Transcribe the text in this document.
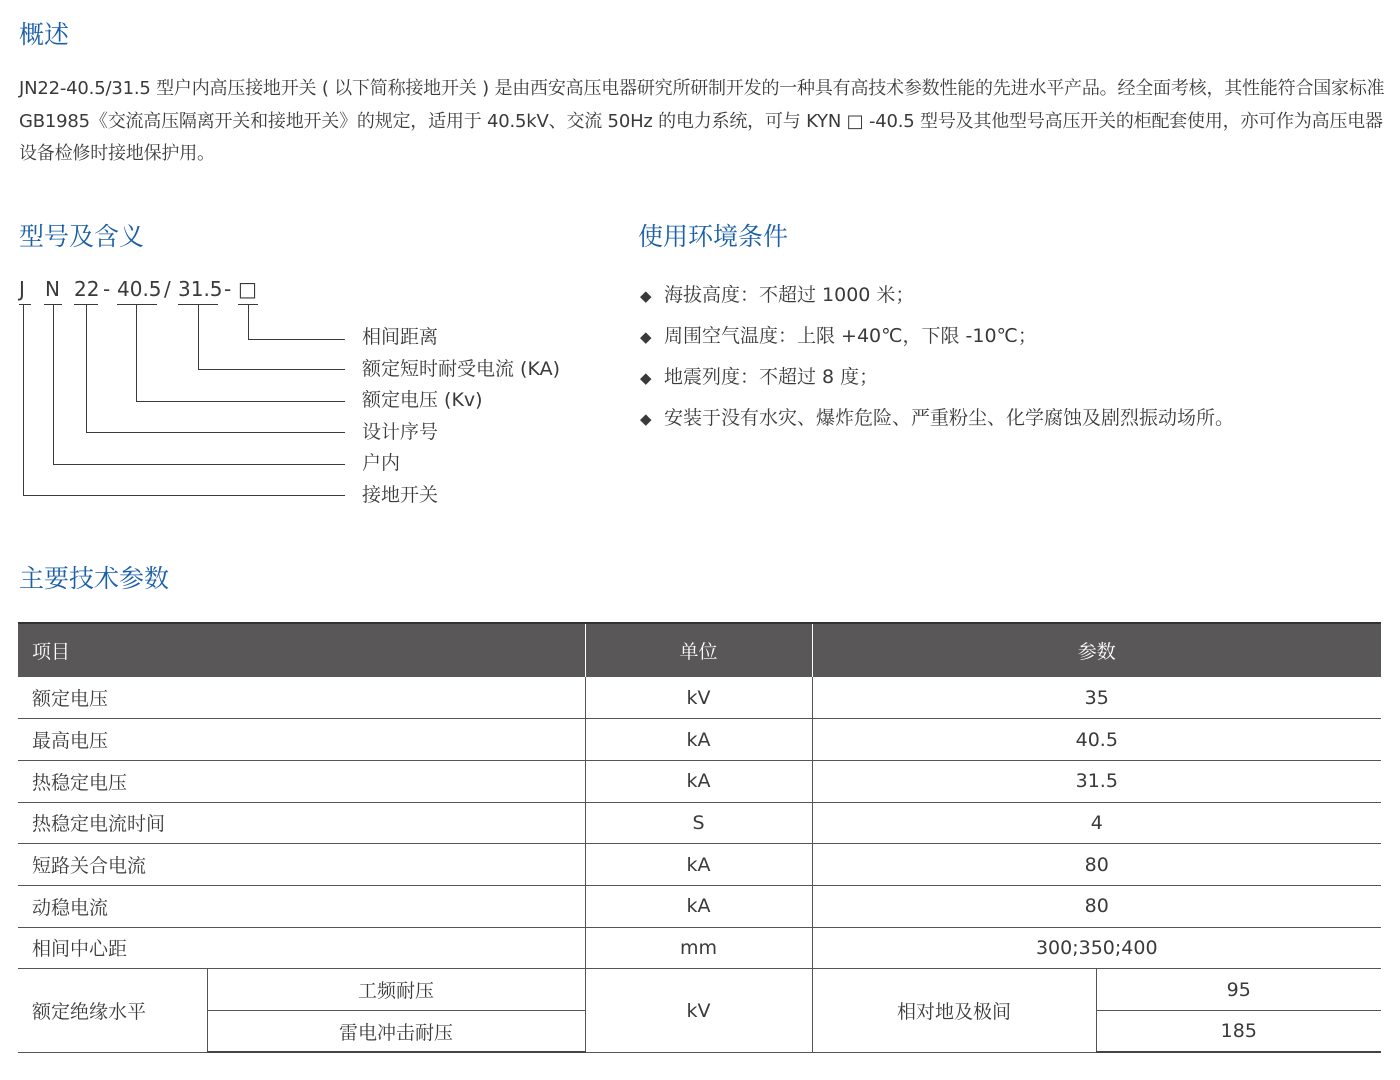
概述

JN22-40.5/31.5 型户内高压接地开关 ( 以下简称接地开关 ) 是由西安高压电器研究所研制开发的一种具有高技术参数性能的先进水平产品。经全面考核，其性能符合国家标准 GB1985《交流高压隔离开关和接地开关》的规定，适用于 40.5kV、交流 50Hz 的电力系统，可与 KYN □ -40.5 型号及其他型号高压开关的柜配套使用，亦可作为高压电器设备检修时接地保护用。

型号及含义
J N 22 - 40.5 / 31.5 - □
相间距离
额定短时耐受电流 (KA)
额定电压 (Kv)
设计序号
户内
接地开关
使用环境条件
◆ 海拔高度：不超过 1000 米；
◆ 周围空气温度：上限 +40℃，下限 -10℃；
◆ 地震列度：不超过 8 度；
◆ 安装于没有水灾、爆炸危险、严重粉尘、化学腐蚀及剧烈振动场所。
主要技术参数
项目		单位	参数	
额定电压		kV	35	
最高电压		kA	40.5	
热稳定电压		kA	31.5	
热稳定电流时间		S	4	
短路关合电流		kA	80	
动稳电流		kA	80	
相间中心距		mm	300;350;400	
额定绝缘水平	工频耐压	kV	相对地及极间	95
	雷电冲击耐压			185
